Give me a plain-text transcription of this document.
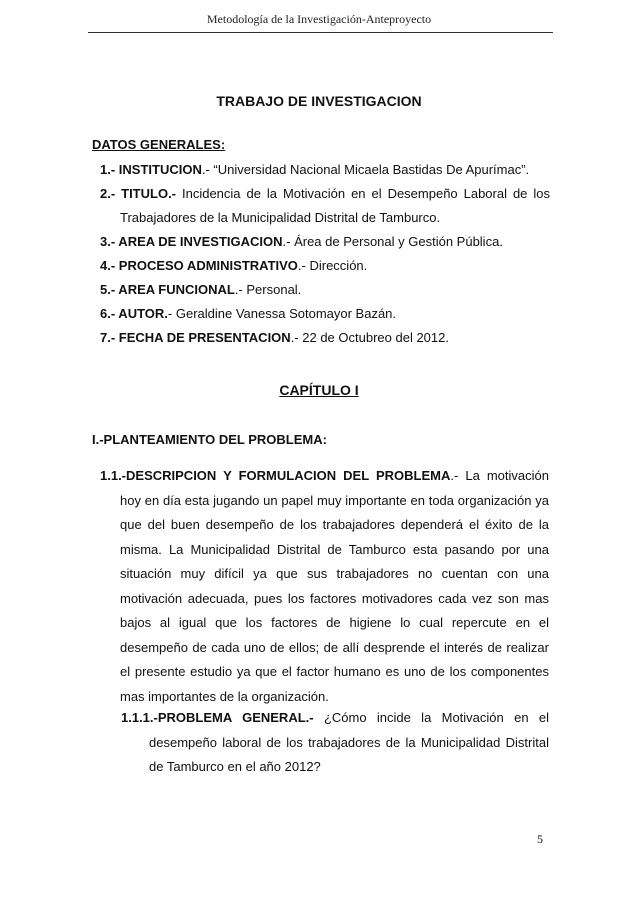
Metodología de la Investigación-Anteproyecto
TRABAJO DE INVESTIGACION
DATOS GENERALES:
1.- INSTITUCION.- “Universidad Nacional Micaela Bastidas De Apurímac”.
2.- TITULO.- Incidencia de la Motivación en el Desempeño Laboral de los
Trabajadores de la Municipalidad Distrital de Tamburco.
3.- AREA DE INVESTIGACION.- Área de Personal y Gestión Pública.
4.- PROCESO ADMINISTRATIVO.- Dirección.
5.- AREA FUNCIONAL.- Personal.
6.- AUTOR.- Geraldine Vanessa Sotomayor Bazán.
7.- FECHA DE PRESENTACION.- 22 de Octubreo del 2012.
CAPÍTULO I
I.-PLANTEAMIENTO DEL PROBLEMA:
1.1.-DESCRIPCION Y FORMULACION DEL PROBLEMA.- La motivación
hoy en día esta jugando un papel muy importante en toda organización ya
que del buen desempeño de los trabajadores dependerá el éxito de la
misma. La Municipalidad Distrital de Tamburco esta pasando por una
situación muy difícil ya que sus trabajadores no cuentan con una
motivación adecuada, pues los factores motivadores cada vez son mas
bajos al igual que los factores de higiene lo cual repercute en el
desempeño de cada uno de ellos; de allí desprende el interés de realizar
el presente estudio ya que el factor humano es uno de los componentes
mas importantes de la organización.
1.1.1.-PROBLEMA GENERAL.- ¿Cómo incide la Motivación en el
desempeño laboral de los trabajadores de la Municipalidad Distrital
de Tamburco en el año 2012?
5
